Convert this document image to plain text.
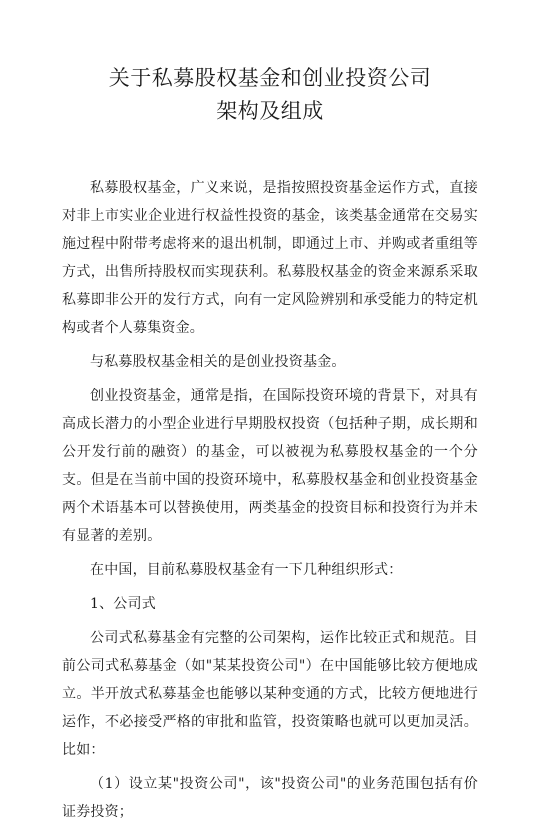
关于私募股权基金和创业投资公司
架构及组成

私募股权基金，广义来说，是指按照投资基金运作方式，直接对非上市实业企业进行权益性投资的基金，该类基金通常在交易实施过程中附带考虑将来的退出机制，即通过上市、并购或者重组等方式，出售所持股权而实现获利。私募股权基金的资金来源系采取私募即非公开的发行方式，向有一定风险辨别和承受能力的特定机构或者个人募集资金。

与私募股权基金相关的是创业投资基金。

创业投资基金，通常是指，在国际投资环境的背景下，对具有高成长潜力的小型企业进行早期股权投资（包括种子期，成长期和公开发行前的融资）的基金，可以被视为私募股权基金的一个分支。但是在当前中国的投资环境中，私募股权基金和创业投资基金两个术语基本可以替换使用，两类基金的投资目标和投资行为并未有显著的差别。

在中国，目前私募股权基金有一下几种组织形式：

1、公司式

公司式私募基金有完整的公司架构，运作比较正式和规范。目前公司式私募基金（如"某某投资公司"）在中国能够比较方便地成立。半开放式私募基金也能够以某种变通的方式，比较方便地进行运作，不必接受严格的审批和监管，投资策略也就可以更加灵活。比如：

（1）设立某"投资公司"，该"投资公司"的业务范围包括有价证券投资；
